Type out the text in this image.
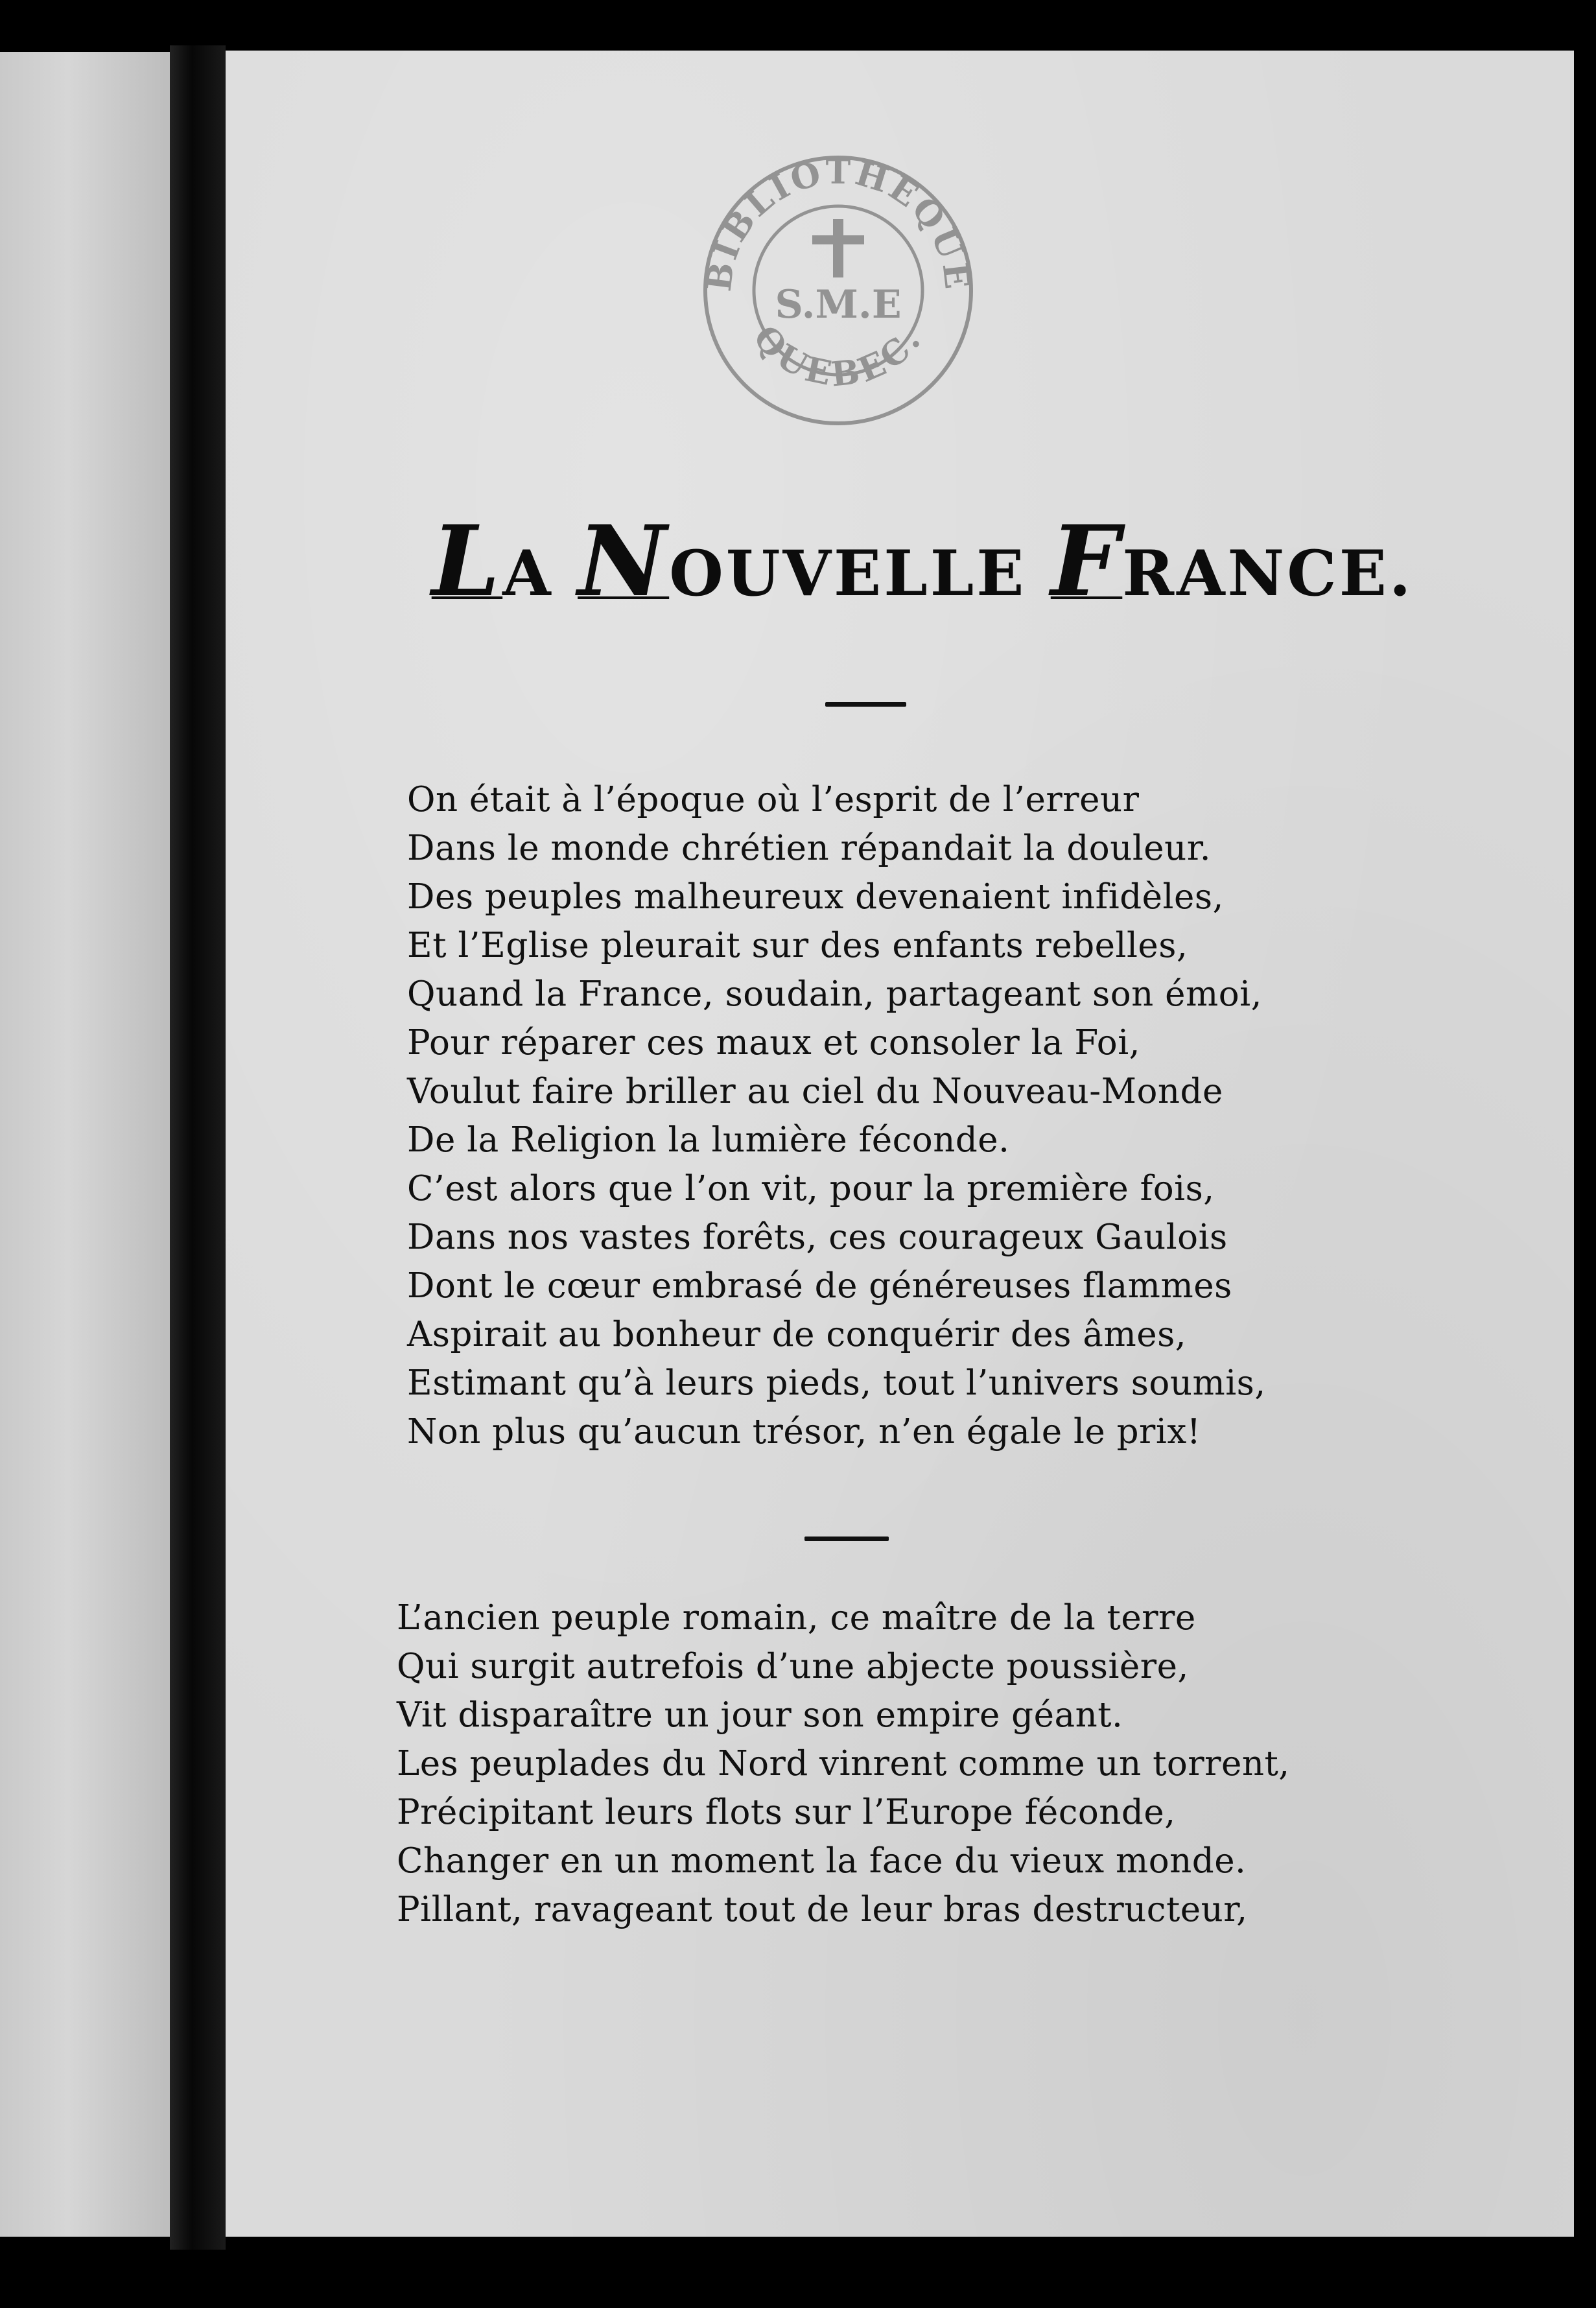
BIBLIOTHEQUE
QUEBEC.
S.M.E
LA NOUVELLE FRANCE.
On était à l’époque où l’esprit de l’erreur
Dans le monde chrétien répandait la douleur.
Des peuples malheureux devenaient infidèles,
Et l’Eglise pleurait sur des enfants rebelles,
Quand la France, soudain, partageant son émoi,
Pour réparer ces maux et consoler la Foi,
Voulut faire briller au ciel du Nouveau-Monde
De la Religion la lumière féconde.
C’est alors que l’on vit, pour la première fois,
Dans nos vastes forêts, ces courageux Gaulois
Dont le cœur embrasé de généreuses flammes
Aspirait au bonheur de conquérir des âmes,
Estimant qu’à leurs pieds, tout l’univers soumis,
Non plus qu’aucun trésor, n’en égale le prix!
L’ancien peuple romain, ce maître de la terre
Qui surgit autrefois d’une abjecte poussière,
Vit disparaître un jour son empire géant.
Les peuplades du Nord vinrent comme un torrent,
Précipitant leurs flots sur l’Europe féconde,
Changer en un moment la face du vieux monde.
Pillant, ravageant tout de leur bras destructeur,
